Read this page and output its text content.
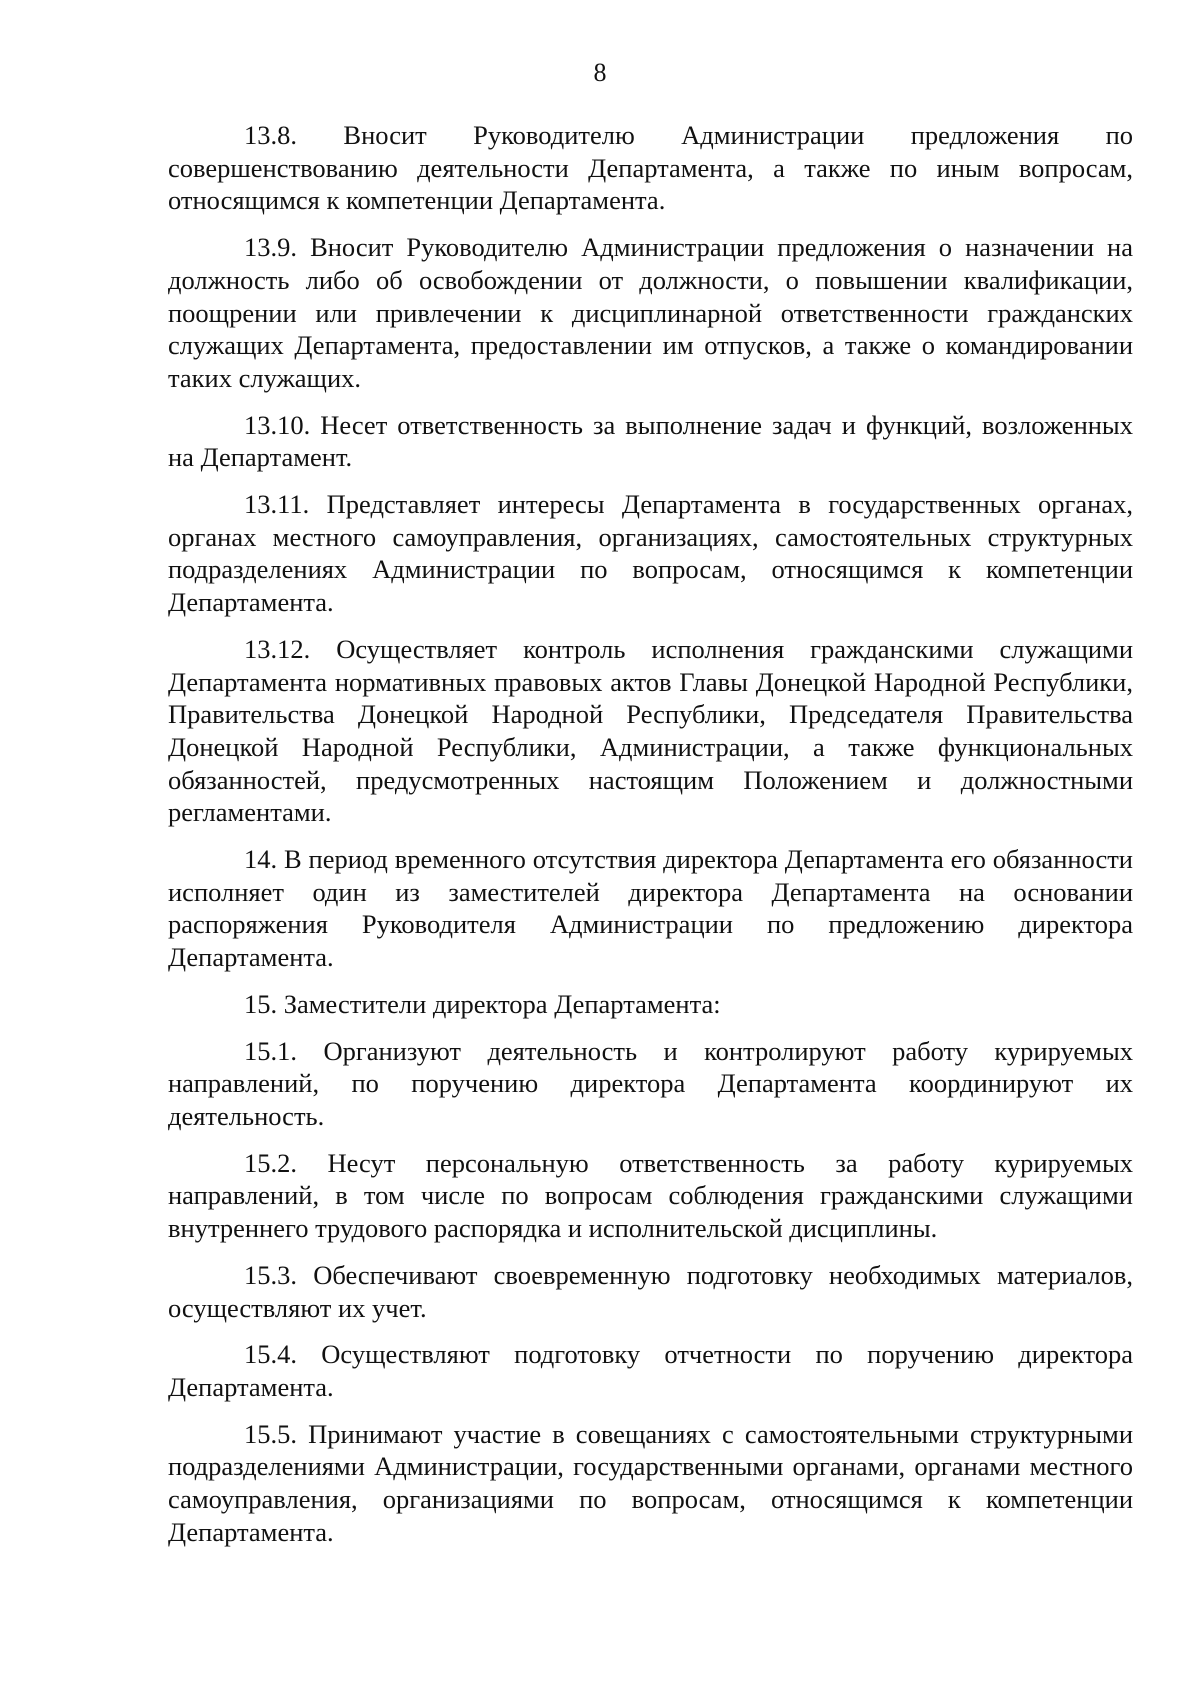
8

13.8. Вносит Руководителю Администрации предложения по совершенствованию деятельности Департамента, а также по иным вопросам, относящимся к компетенции Департамента.

13.9. Вносит Руководителю Администрации предложения о назначении на должность либо об освобождении от должности, о повышении квалификации, поощрении или привлечении к дисциплинарной ответственности гражданских служащих Департамента, предоставлении им отпусков, а также о командировании таких служащих.

13.10. Несет ответственность за выполнение задач и функций, возложенных на Департамент.

13.11. Представляет интересы Департамента в государственных органах, органах местного самоуправления, организациях, самостоятельных структурных подразделениях Администрации по вопросам, относящимся к компетенции Департамента.

13.12. Осуществляет контроль исполнения гражданскими служащими Департамента нормативных правовых актов Главы Донецкой Народной Республики, Правительства Донецкой Народной Республики, Председателя Правительства Донецкой Народной Республики, Администрации, а также функциональных обязанностей, предусмотренных настоящим Положением и должностными регламентами.

14. В период временного отсутствия директора Департамента его обязанности исполняет один из заместителей директора Департамента на основании распоряжения Руководителя Администрации по предложению директора Департамента.

15. Заместители директора Департамента:

15.1. Организуют деятельность и контролируют работу курируемых направлений, по поручению директора Департамента координируют их деятельность.

15.2. Несут персональную ответственность за работу курируемых направлений, в том числе по вопросам соблюдения гражданскими служащими внутреннего трудового распорядка и исполнительской дисциплины.

15.3. Обеспечивают своевременную подготовку необходимых материалов, осуществляют их учет.

15.4. Осуществляют подготовку отчетности по поручению директора Департамента.

15.5. Принимают участие в совещаниях с самостоятельными структурными подразделениями Администрации, государственными органами, органами местного самоуправления, организациями по вопросам, относящимся к компетенции Департамента.
